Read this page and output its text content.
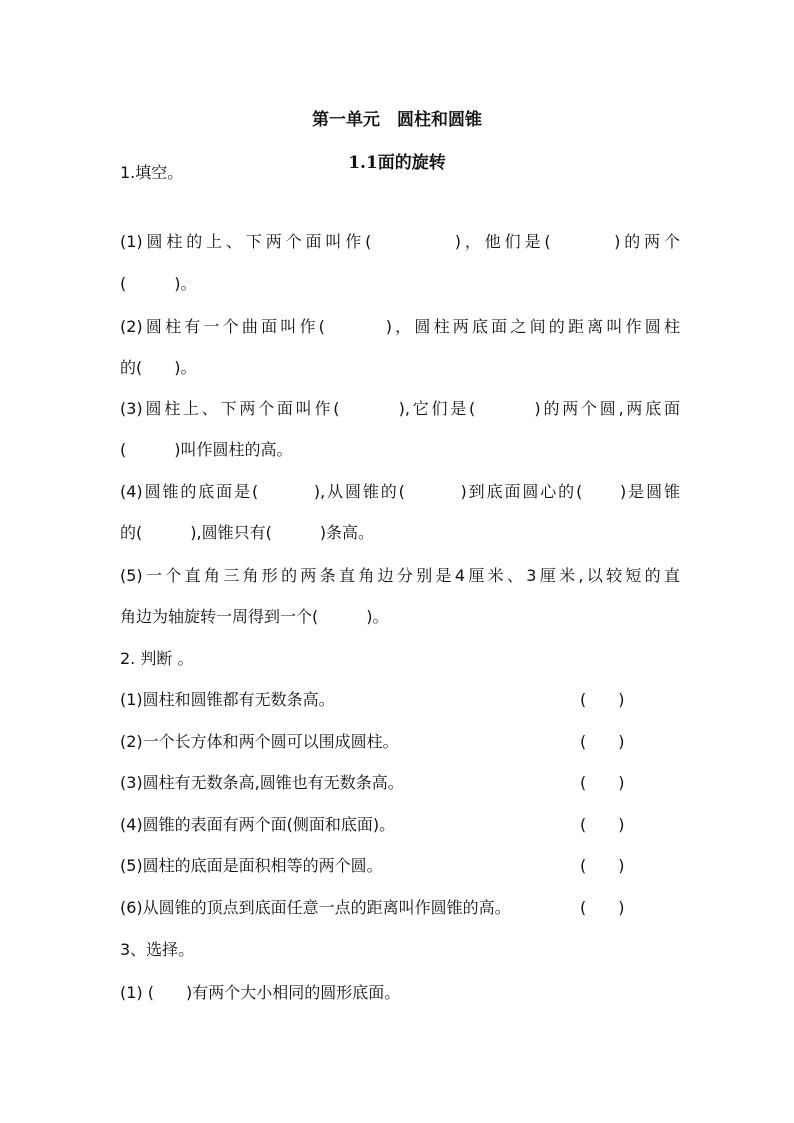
第一单元　圆柱和圆锥
1.1面的旋转
1.填空。
(1)圆柱的上、下两个面叫作(　　　　)，他们是(　　　)的两个
(　　　)。
(2)圆柱有一个曲面叫作(　　　)，圆柱两底面之间的距离叫作圆柱
的(　　)。
(3)圆柱上、下两个面叫作(　　　),它们是(　　　)的两个圆,两底面
(　　　)叫作圆柱的高。
(4)圆锥的底面是(　　　),从圆锥的(　　　)到底面圆心的(　　)是圆锥
的(　　　),圆锥只有(　　　)条高。
(5)一个直角三角形的两条直角边分别是4厘米、3厘米,以较短的直
角边为轴旋转一周得到一个(　　　)。
2. 判断 。
(1)圆柱和圆锥都有无数条高。	(　　)
(2)一个长方体和两个圆可以围成圆柱。	(　　)
(3)圆柱有无数条高,圆锥也有无数条高。	(　　)
(4)圆锥的表面有两个面(侧面和底面)。	(　　)
(5)圆柱的底面是面积相等的两个圆。	(　　)
(6)从圆锥的顶点到底面任意一点的距离叫作圆锥的高。	(　　)
3、选择。
(1) (　　)有两个大小相同的圆形底面。
